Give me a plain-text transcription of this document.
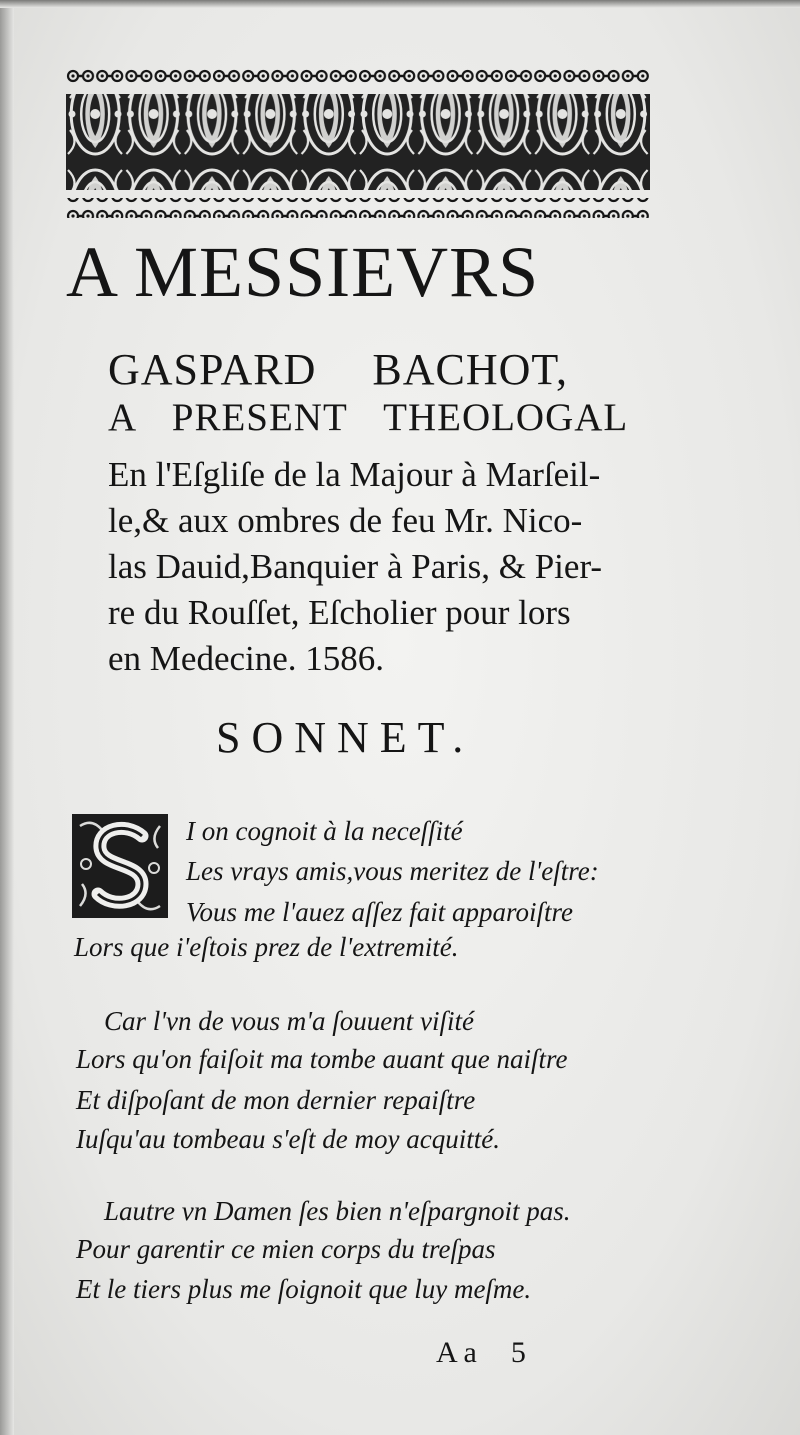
A MESSIEVRS
GASPARD BACHOT,
A PRESENT THEOLOGAL
En l'Eſgliſe de la Majour à Marſeil-
le,& aux ombres de feu Mr. Nico-
las Dauid,Banquier à Paris, & Pier-
re du Rouſſet, Eſcholier pour lors
en Medecine. 1586.
SONNET.
I on cognoit à la neceſſité
Les vrays amis,vous meritez de l'eſtre:
Vous me l'auez aſſez fait apparoiſtre
Lors que i'eſtois prez de l'extremité.
Car l'vn de vous m'a ſouuent viſité
Lors qu'on faiſoit ma tombe auant que naiſtre
Et diſpoſant de mon dernier repaiſtre
Iuſqu'au tombeau s'eſt de moy acquitté.
Lautre vn Damen ſes bien n'eſpargnoit pas.
Pour garentir ce mien corps du treſpas
Et le tiers plus me ſoignoit que luy meſme.
A a 5
